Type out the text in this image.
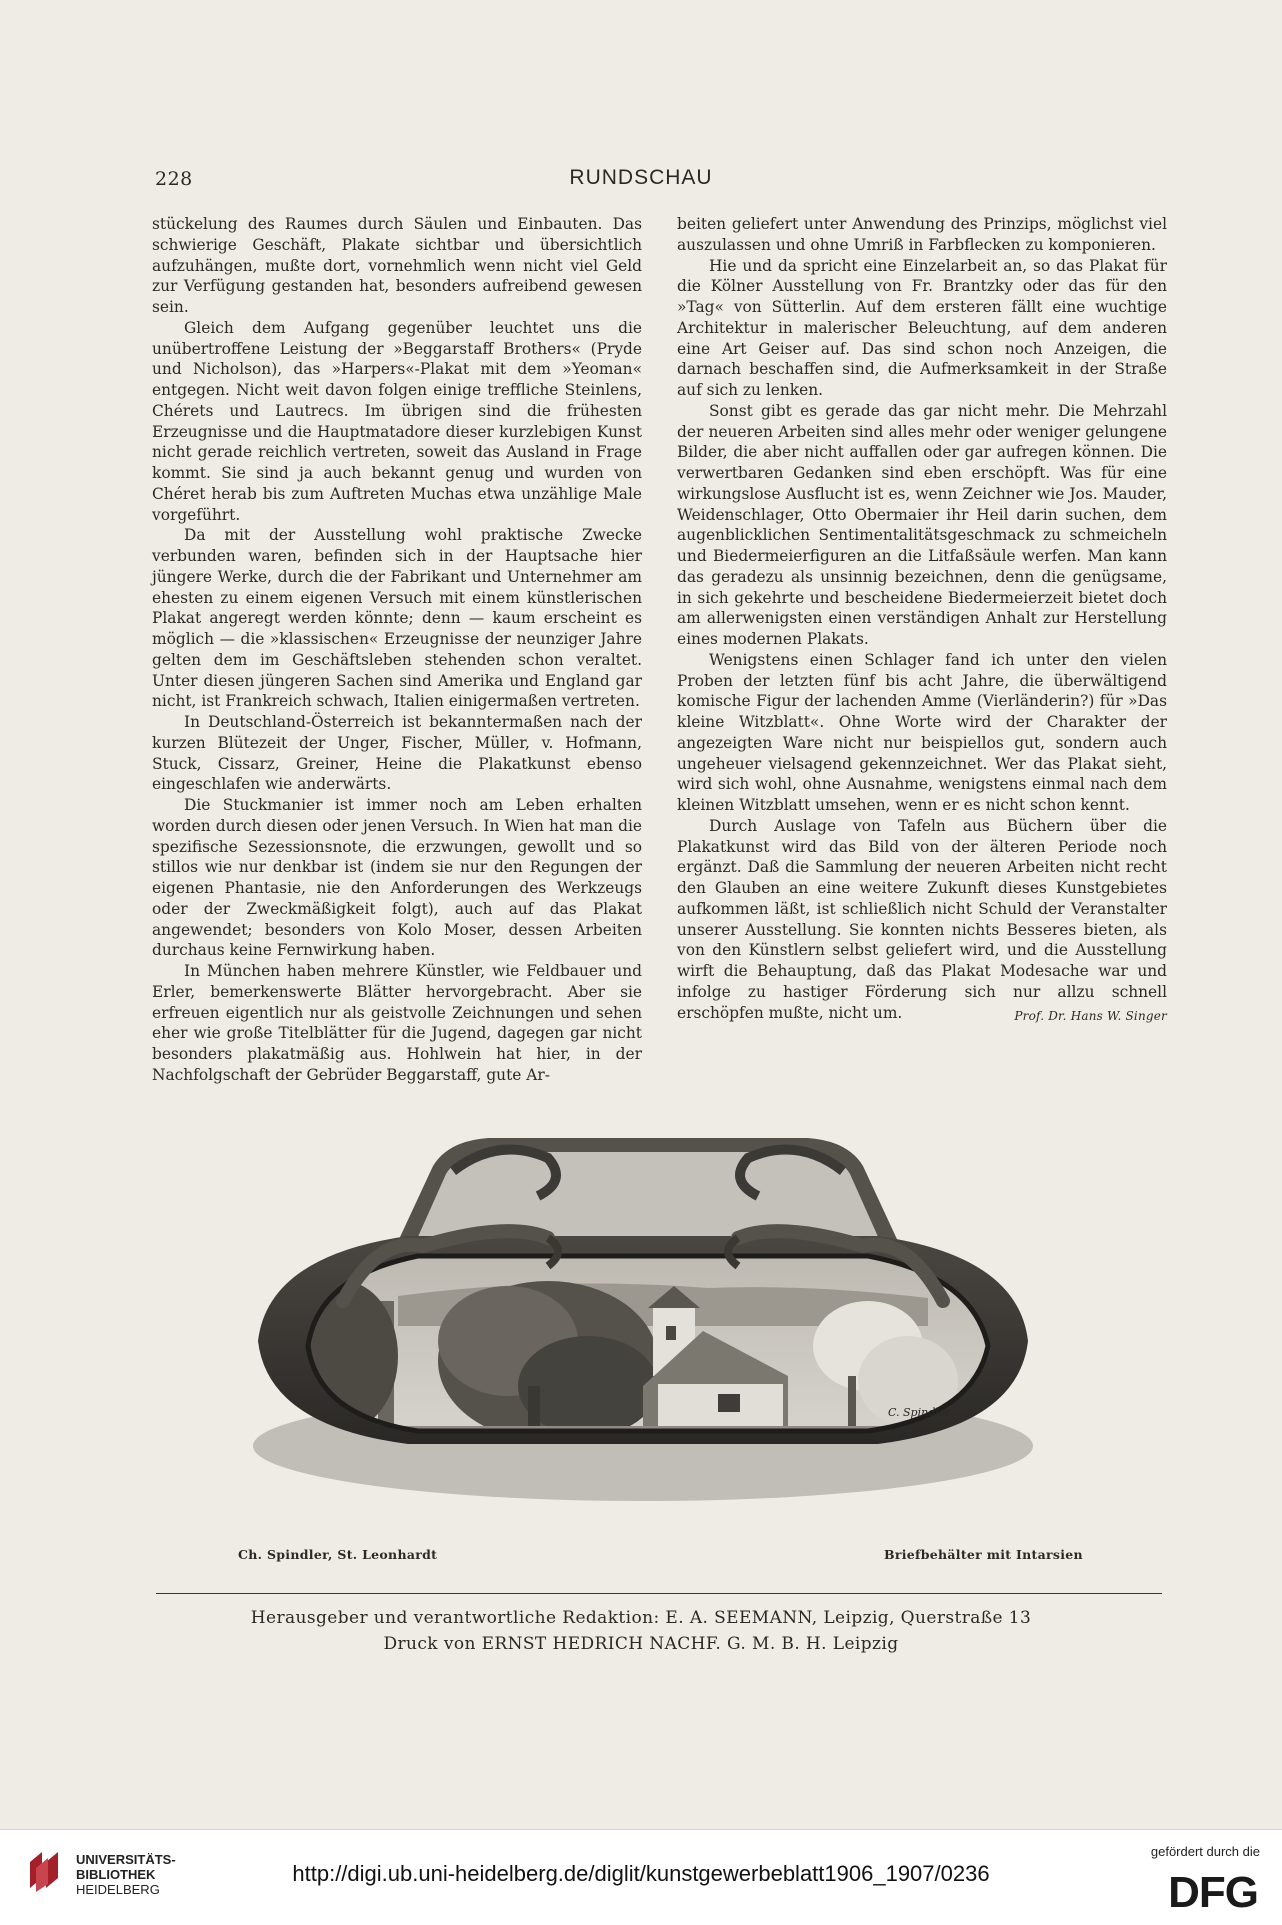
228	RUNDSCHAU

stückelung des Raumes durch Säulen und Einbauten. Das schwierige Geschäft, Plakate sichtbar und übersichtlich aufzuhängen, mußte dort, vornehmlich wenn nicht viel Geld zur Verfügung gestanden hat, besonders aufreibend gewesen sein.

Gleich dem Aufgang gegenüber leuchtet uns die unübertroffene Leistung der »Beggarstaff Brothers« (Pryde und Nicholson), das »Harpers«-Plakat mit dem »Yeoman« entgegen. Nicht weit davon folgen einige treffliche Steinlens, Chérets und Lautrecs. Im übrigen sind die frühesten Erzeugnisse und die Hauptmatadore dieser kurzlebigen Kunst nicht gerade reichlich vertreten, soweit das Ausland in Frage kommt. Sie sind ja auch bekannt genug und wurden von Chéret herab bis zum Auftreten Muchas etwa unzählige Male vorgeführt.

Da mit der Ausstellung wohl praktische Zwecke verbunden waren, befinden sich in der Hauptsache hier jüngere Werke, durch die der Fabrikant und Unternehmer am ehesten zu einem eigenen Versuch mit einem künstlerischen Plakat angeregt werden könnte; denn — kaum erscheint es möglich — die »klassischen« Erzeugnisse der neunziger Jahre gelten dem im Geschäftsleben stehenden schon veraltet. Unter diesen jüngeren Sachen sind Amerika und England gar nicht, ist Frankreich schwach, Italien einigermaßen vertreten.

In Deutschland-Österreich ist bekanntermaßen nach der kurzen Blütezeit der Unger, Fischer, Müller, v. Hofmann, Stuck, Cissarz, Greiner, Heine die Plakatkunst ebenso eingeschlafen wie anderwärts.

Die Stuckmanier ist immer noch am Leben erhalten worden durch diesen oder jenen Versuch. In Wien hat man die spezifische Sezessionsnote, die erzwungen, gewollt und so stillos wie nur denkbar ist (indem sie nur den Regungen der eigenen Phantasie, nie den Anforderungen des Werkzeugs oder der Zweckmäßigkeit folgt), auch auf das Plakat angewendet; besonders von Kolo Moser, dessen Arbeiten durchaus keine Fernwirkung haben.

In München haben mehrere Künstler, wie Feldbauer und Erler, bemerkenswerte Blätter hervorgebracht. Aber sie erfreuen eigentlich nur als geistvolle Zeichnungen und sehen eher wie große Titelblätter für die Jugend, dagegen gar nicht besonders plakatmäßig aus. Hohlwein hat hier, in der Nachfolgschaft der Gebrüder Beggarstaff, gute Ar-

beiten geliefert unter Anwendung des Prinzips, möglichst viel auszulassen und ohne Umriß in Farbflecken zu komponieren.

Hie und da spricht eine Einzelarbeit an, so das Plakat für die Kölner Ausstellung von Fr. Brantzky oder das für den »Tag« von Sütterlin. Auf dem ersteren fällt eine wuchtige Architektur in malerischer Beleuchtung, auf dem anderen eine Art Geiser auf. Das sind schon noch Anzeigen, die darnach beschaffen sind, die Aufmerksamkeit in der Straße auf sich zu lenken.

Sonst gibt es gerade das gar nicht mehr. Die Mehrzahl der neueren Arbeiten sind alles mehr oder weniger gelungene Bilder, die aber nicht auffallen oder gar aufregen können. Die verwertbaren Gedanken sind eben erschöpft. Was für eine wirkungslose Ausflucht ist es, wenn Zeichner wie Jos. Mauder, Weidenschlager, Otto Obermaier ihr Heil darin suchen, dem augenblicklichen Sentimentalitätsgeschmack zu schmeicheln und Biedermeierfiguren an die Litfaßsäule werfen. Man kann das geradezu als unsinnig bezeichnen, denn die genügsame, in sich gekehrte und bescheidene Biedermeierzeit bietet doch am allerwenigsten einen verständigen Anhalt zur Herstellung eines modernen Plakats.

Wenigstens einen Schlager fand ich unter den vielen Proben der letzten fünf bis acht Jahre, die überwältigend komische Figur der lachenden Amme (Vierländerin?) für »Das kleine Witzblatt«. Ohne Worte wird der Charakter der angezeigten Ware nicht nur beispiellos gut, sondern auch ungeheuer vielsagend gekennzeichnet. Wer das Plakat sieht, wird sich wohl, ohne Ausnahme, wenigstens einmal nach dem kleinen Witzblatt umsehen, wenn er es nicht schon kennt.

Durch Auslage von Tafeln aus Büchern über die Plakatkunst wird das Bild von der älteren Periode noch ergänzt. Daß die Sammlung der neueren Arbeiten nicht recht den Glauben an eine weitere Zukunft dieses Kunstgebietes aufkommen läßt, ist schließlich nicht Schuld der Veranstalter unserer Ausstellung. Sie konnten nichts Besseres bieten, als von den Künstlern selbst geliefert wird, und die Ausstellung wirft die Behauptung, daß das Plakat Modesache war und infolge zu hastiger Förderung sich nur allzu schnell erschöpfen mußte, nicht um.	Prof. Dr. Hans W. Singer

C. Spindler
Ch. Spindler, St. Leonhardt	Briefbehälter mit Intarsien
Herausgeber und verantwortliche Redaktion: E. A. SEEMANN, Leipzig, Querstraße 13
Druck von ERNST HEDRICH NACHF. G. M. B. H. Leipzig
UNIVERSITÄTS-
BIBLIOTHEK
HEIDELBERG
http://digi.ub.uni-heidelberg.de/diglit/kunstgewerbeblatt1906_1907/0236
gefördert durch die
DFG
